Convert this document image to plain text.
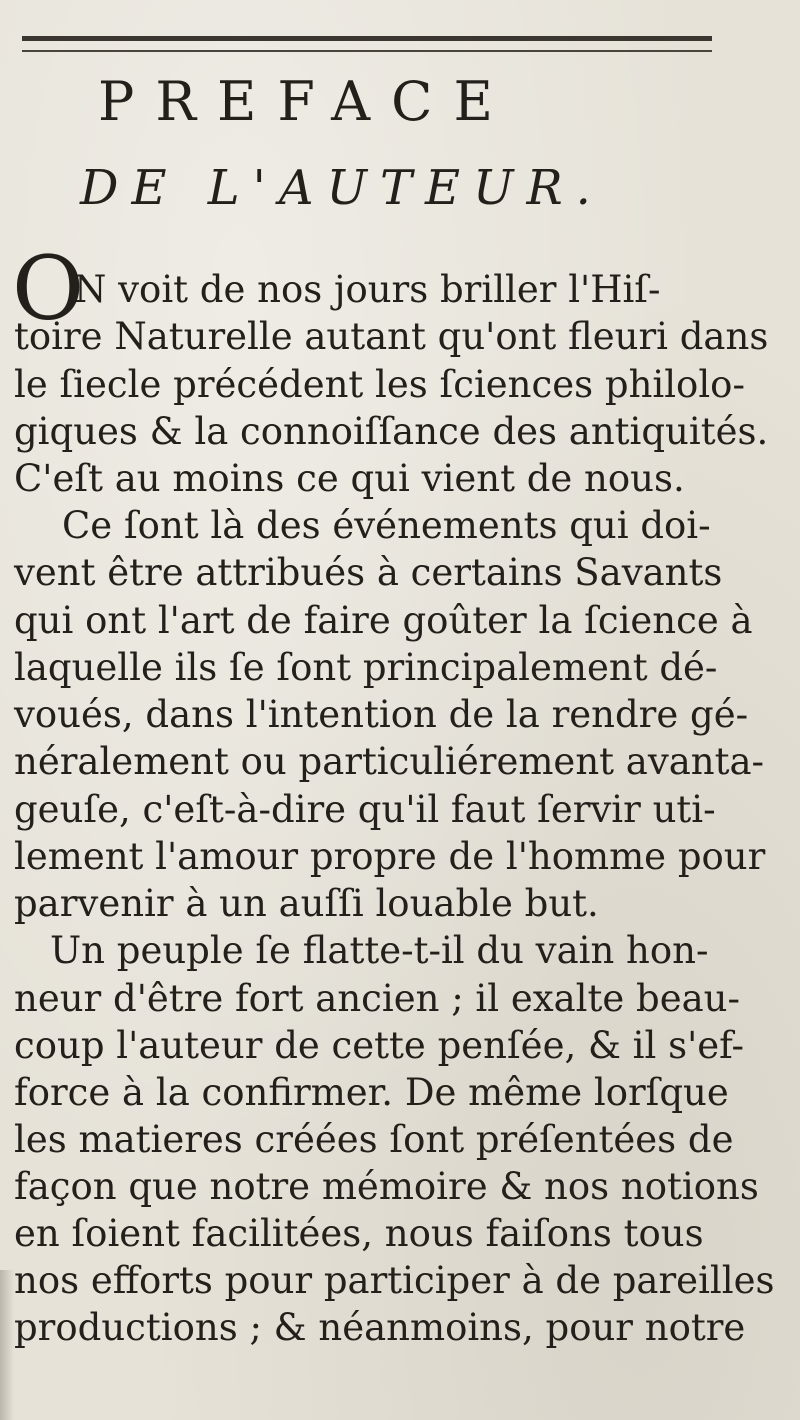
PREFACE
DE L'AUTEUR.
O
N voit de nos jours briller l'Hiſ-
toire Naturelle autant qu'ont fleuri dans
le ſiecle précédent les ſciences philolo-
giques & la connoiſſance des antiquités.
C'eſt au moins ce qui vient de nous.
Ce ſont là des événements qui doi-
vent être attribués à certains Savants
qui ont l'art de faire goûter la ſcience à
laquelle ils ſe ſont principalement dé-
voués, dans l'intention de la rendre gé-
néralement ou particuliérement avanta-
geuſe, c'eſt-à-dire qu'il faut ſervir uti-
lement l'amour propre de l'homme pour
parvenir à un auſſi louable but.
Un peuple ſe flatte-t-il du vain hon-
neur d'être fort ancien ; il exalte beau-
coup l'auteur de cette penſée, & il s'ef-
force à la confirmer. De même lorſque
les matieres créées ſont préſentées de
façon que notre mémoire & nos notions
en ſoient facilitées, nous faiſons tous
nos efforts pour participer à de pareilles
productions ; & néanmoins, pour notre
